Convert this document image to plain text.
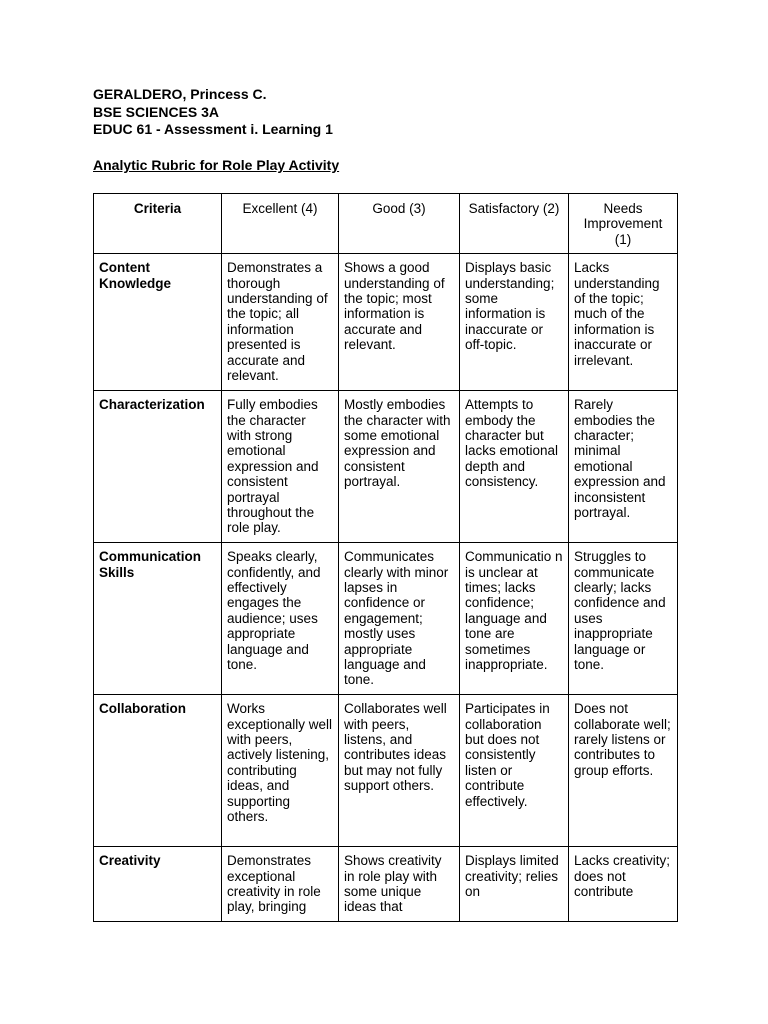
GERALDERO, Princess C.
BSE SCIENCES 3A
EDUC 61 - Assessment i. Learning 1
Analytic Rubric for Role Play Activity
Criteria	Excellent (4)	Good (3)	Satisfactory (2)	Needs Improvement (1)
Content Knowledge	Demonstrates a thorough understanding of the topic; all information presented is accurate and relevant.	Shows a good understanding of the topic; most information is accurate and relevant.	Displays basic understanding; some information is inaccurate or off-topic.	Lacks understanding of the topic; much of the information is inaccurate or irrelevant.
Characterization	Fully embodies the character with strong emotional expression and consistent portrayal throughout the role play.	Mostly embodies the character with some emotional expression and consistent portrayal.	Attempts to embody the character but lacks emotional depth and consistency.	Rarely embodies the character; minimal emotional expression and inconsistent portrayal.
Communication Skills	Speaks clearly, confidently, and effectively engages the audience; uses appropriate language and tone.	Communicates clearly with minor lapses in confidence or engagement; mostly uses appropriate language and tone.	Communicatio n is unclear at times; lacks confidence; language and tone are sometimes inappropriate.	Struggles to communicate clearly; lacks confidence and uses inappropriate language or tone.
Collaboration	Works exceptionally well with peers, actively listening, contributing ideas, and supporting others.	Collaborates well with peers, listens, and contributes ideas but may not fully support others.	Participates in collaboration but does not consistently listen or contribute effectively.	Does not collaborate well; rarely listens or contributes to group efforts.
Creativity	Demonstrates exceptional creativity in role play, bringing	Shows creativity in role play with some unique ideas that	Displays limited creativity; relies on	Lacks creativity; does not contribute
